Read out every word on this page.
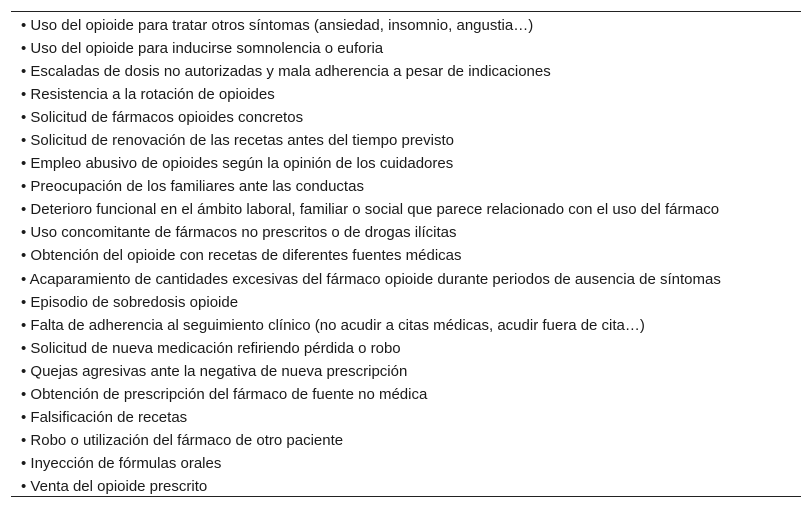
• Uso del opioide para tratar otros síntomas (ansiedad, insomnio, angustia…)
• Uso del opioide para inducirse somnolencia o euforia
• Escaladas de dosis no autorizadas y mala adherencia a pesar de indicaciones
• Resistencia a la rotación de opioides
• Solicitud de fármacos opioides concretos
• Solicitud de renovación de las recetas antes del tiempo previsto
• Empleo abusivo de opioides según la opinión de los cuidadores
• Preocupación de los familiares ante las conductas
• Deterioro funcional en el ámbito laboral, familiar o social que parece relacionado con el uso del fármaco
• Uso concomitante de fármacos no prescritos o de drogas ilícitas
• Obtención del opioide con recetas de diferentes fuentes médicas
• Acaparamiento de cantidades excesivas del fármaco opioide durante periodos de ausencia de síntomas
• Episodio de sobredosis opioide
• Falta de adherencia al seguimiento clínico (no acudir a citas médicas, acudir fuera de cita…)
• Solicitud de nueva medicación refiriendo pérdida o robo
• Quejas agresivas ante la negativa de nueva prescripción
• Obtención de prescripción del fármaco de fuente no médica
• Falsificación de recetas
• Robo o utilización del fármaco de otro paciente
• Inyección de fórmulas orales
• Venta del opioide prescrito
